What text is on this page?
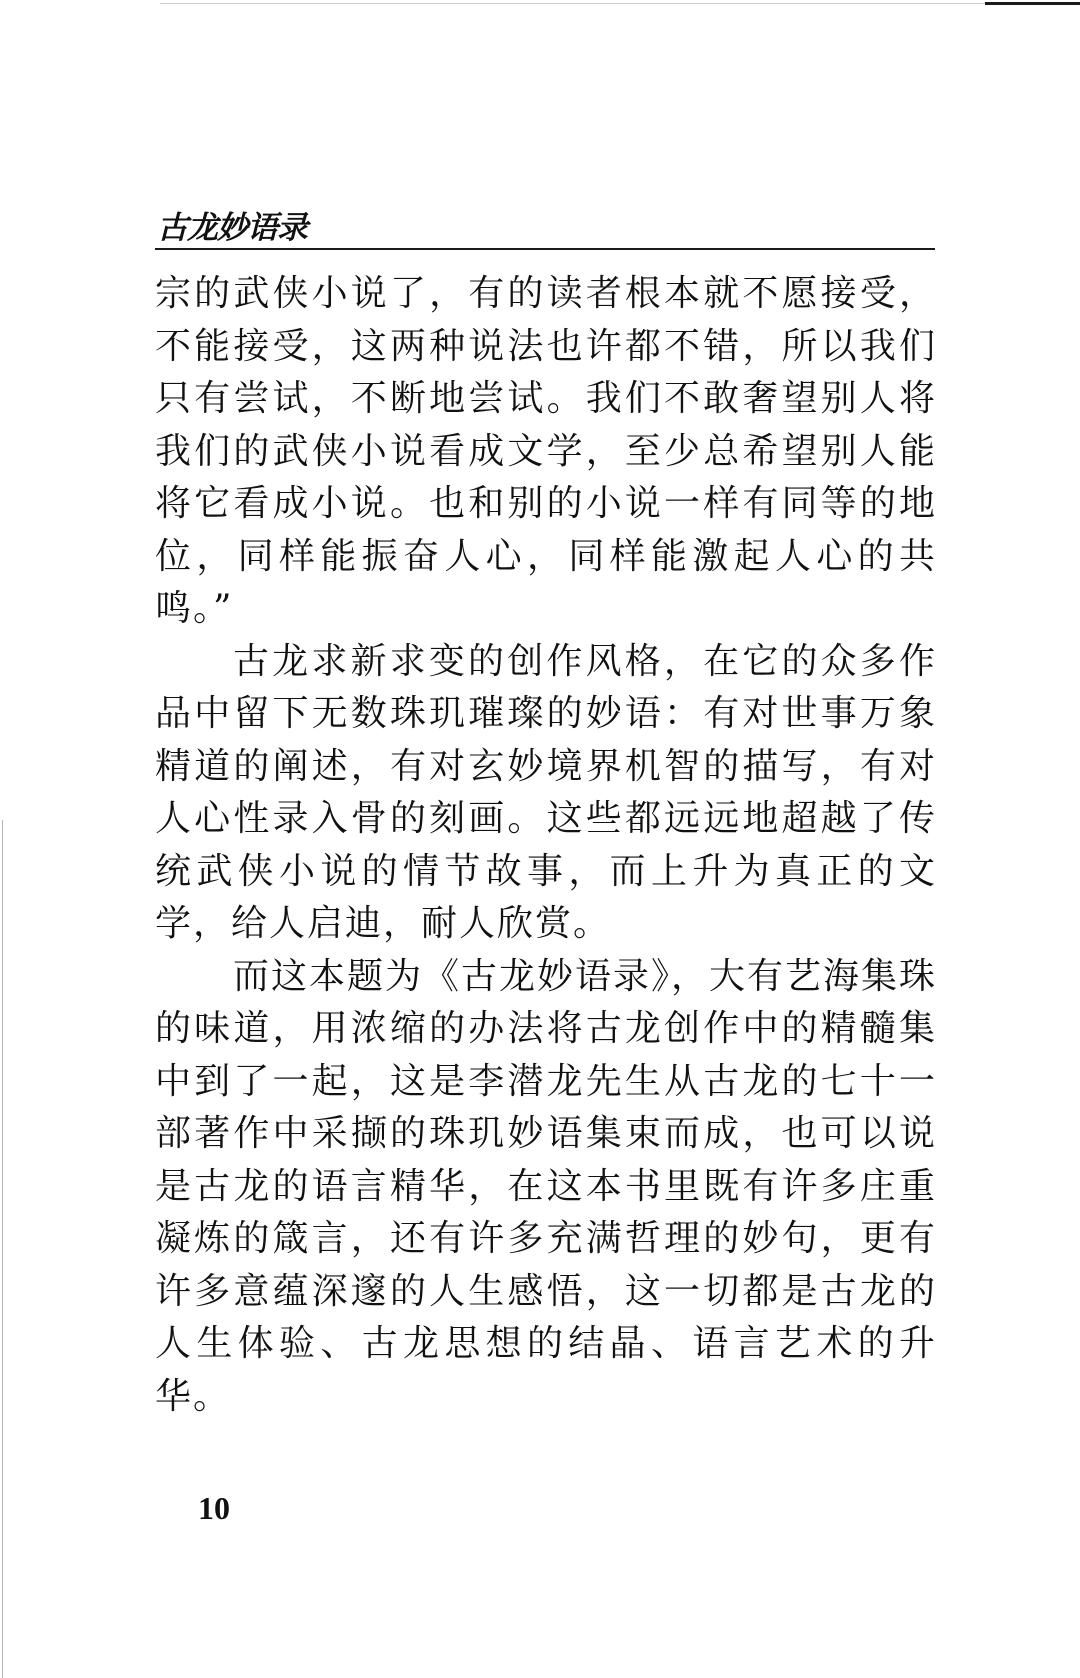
古龙妙语录

宗的武侠小说了，有的读者根本就不愿接受，不能接受，这两种说法也许都不错，所以我们只有尝试，不断地尝试。我们不敢奢望别人将我们的武侠小说看成文学，至少总希望别人能将它看成小说。也和别的小说一样有同等的地位，同样能振奋人心，同样能激起人心的共鸣。”

古龙求新求变的创作风格，在它的众多作品中留下无数珠玑璀璨的妙语：有对世事万象精道的阐述，有对玄妙境界机智的描写，有对人心性录入骨的刻画。这些都远远地超越了传统武侠小说的情节故事，而上升为真正的文学，给人启迪，耐人欣赏。

而这本题为《古龙妙语录》，大有艺海集珠的味道，用浓缩的办法将古龙创作中的精髓集中到了一起，这是李潜龙先生从古龙的七十一部著作中采撷的珠玑妙语集束而成，也可以说是古龙的语言精华，在这本书里既有许多庄重凝炼的箴言，还有许多充满哲理的妙句，更有许多意蕴深邃的人生感悟，这一切都是古龙的人生体验、古龙思想的结晶、语言艺术的升华。

10
